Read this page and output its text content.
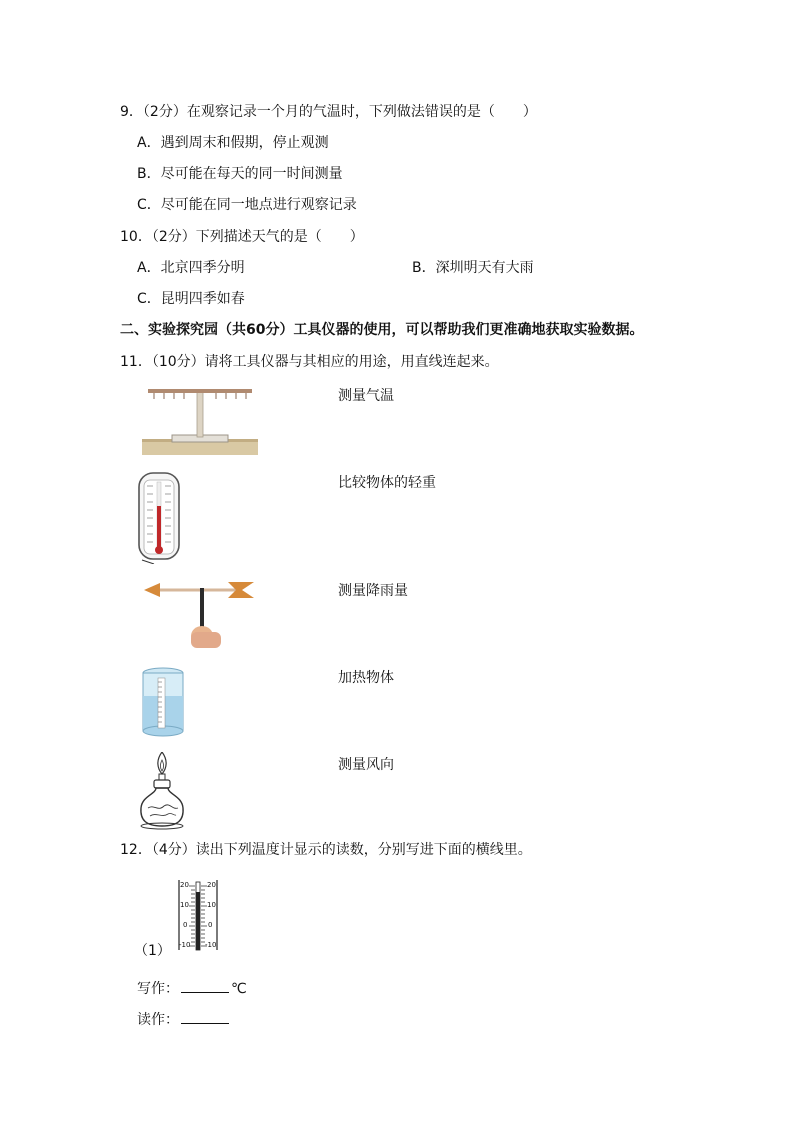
9．（2分）在观察记录一个月的气温时，下列做法错误的是（　　）
A．遇到周末和假期，停止观测
B．尽可能在每天的同一时间测量
C．尽可能在同一地点进行观察记录
10．（2分）下列描述天气的是（　　）
A．北京四季分明	B．深圳明天有大雨
C．昆明四季如春
二、实验探究园（共60分）工具仪器的使用，可以帮助我们更准确地获取实验数据。
11．（10分）请将工具仪器与其相应的用途，用直线连起来。
测量气温
比较物体的轻重
测量降雨量
加热物体
测量风向
12．（4分）读出下列温度计显示的读数，分别写进下面的横线里。
（1）
20
10
0
-10
20
10
0
-10
写作：	℃
读作：
